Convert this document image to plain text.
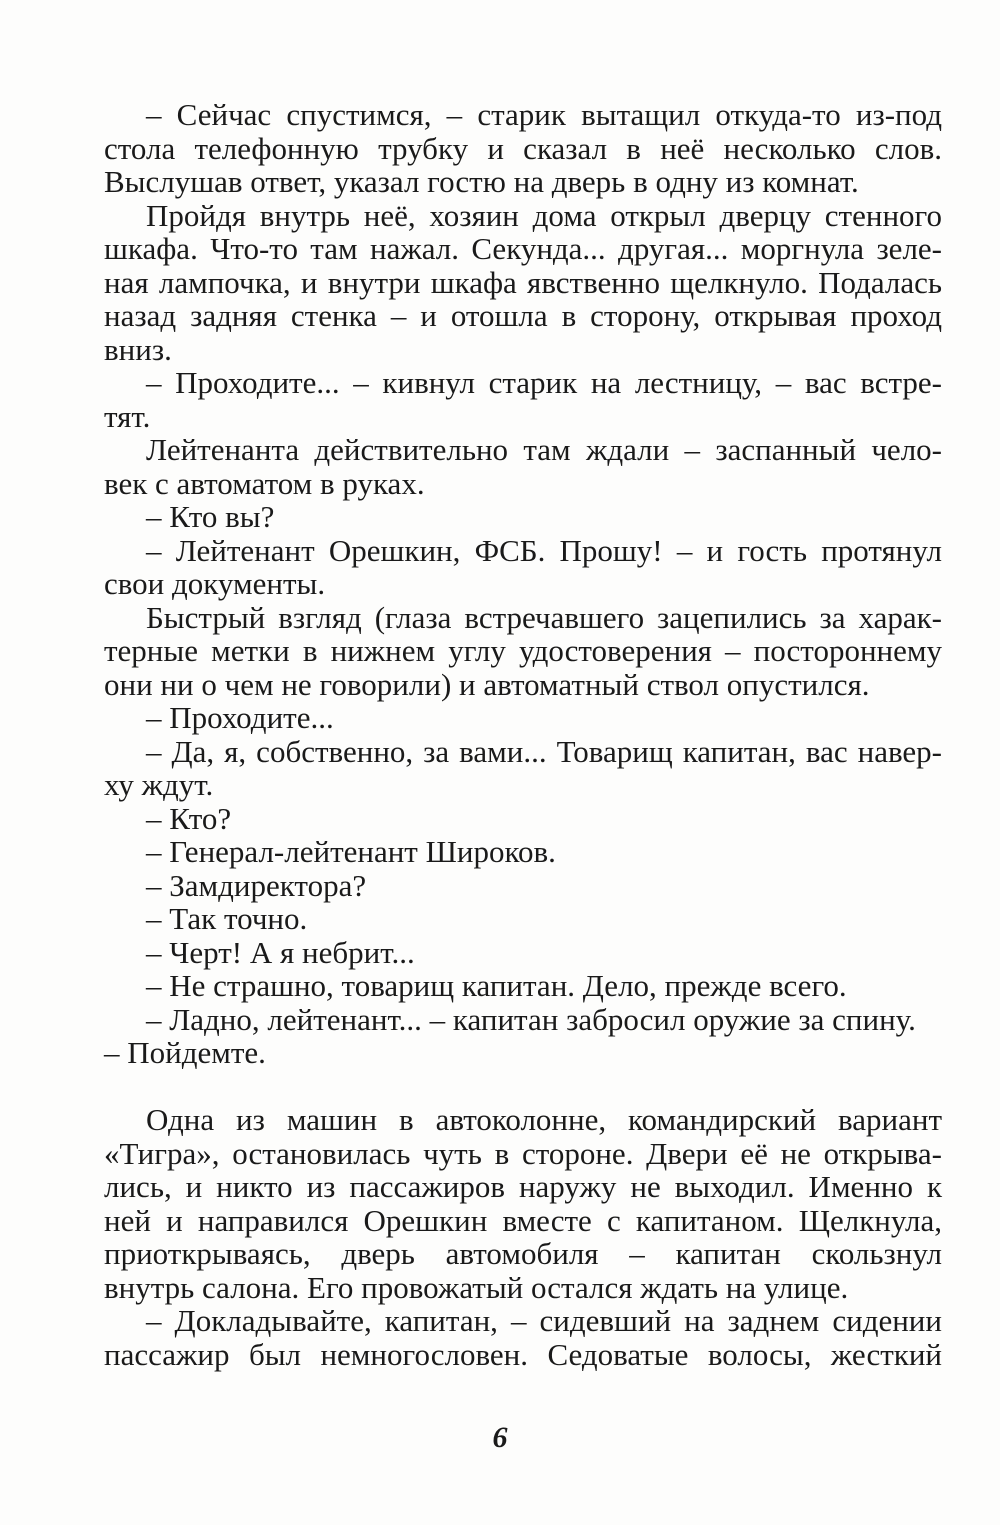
– Сейчас спустимся, – старик вытащил откуда-то из-под
стола телефонную трубку и сказал в неё несколько слов.
Выслушав ответ, указал гостю на дверь в одну из комнат.
Пройдя внутрь неё, хозяин дома открыл дверцу стенного
шкафа. Что-то там нажал. Секунда... другая... моргнула зеле-
ная лампочка, и внутри шкафа явственно щелкнуло. Подалась
назад задняя стенка – и отошла в сторону, открывая проход
вниз.
– Проходите... – кивнул старик на лестницу, – вас встре-
тят.
Лейтенанта действительно там ждали – заспанный чело-
век с автоматом в руках.
– Кто вы?
– Лейтенант Орешкин, ФСБ. Прошу! – и гость протянул
свои документы.
Быстрый взгляд (глаза встречавшего зацепились за харак-
терные метки в нижнем углу удостоверения – постороннему
они ни о чем не говорили) и автоматный ствол опустился.
– Проходите...
– Да, я, собственно, за вами... Товарищ капитан, вас навер-
ху ждут.
– Кто?
– Генерал-лейтенант Широков.
– Замдиректора?
– Так точно.
– Черт! А я небрит...
– Не страшно, товарищ капитан. Дело, прежде всего.
– Ладно, лейтенант... – капитан забросил оружие за спину.
– Пойдемте.
Одна из машин в автоколонне, командирский вариант
«Тигра», остановилась чуть в стороне. Двери её не открыва-
лись, и никто из пассажиров наружу не выходил. Именно к
ней и направился Орешкин вместе с капитаном. Щелкнула,
приоткрываясь, дверь автомобиля – капитан скользнул
внутрь салона. Его провожатый остался ждать на улице.
– Докладывайте, капитан, – сидевший на заднем сидении
пассажир был немногословен. Седоватые волосы, жесткий
6
